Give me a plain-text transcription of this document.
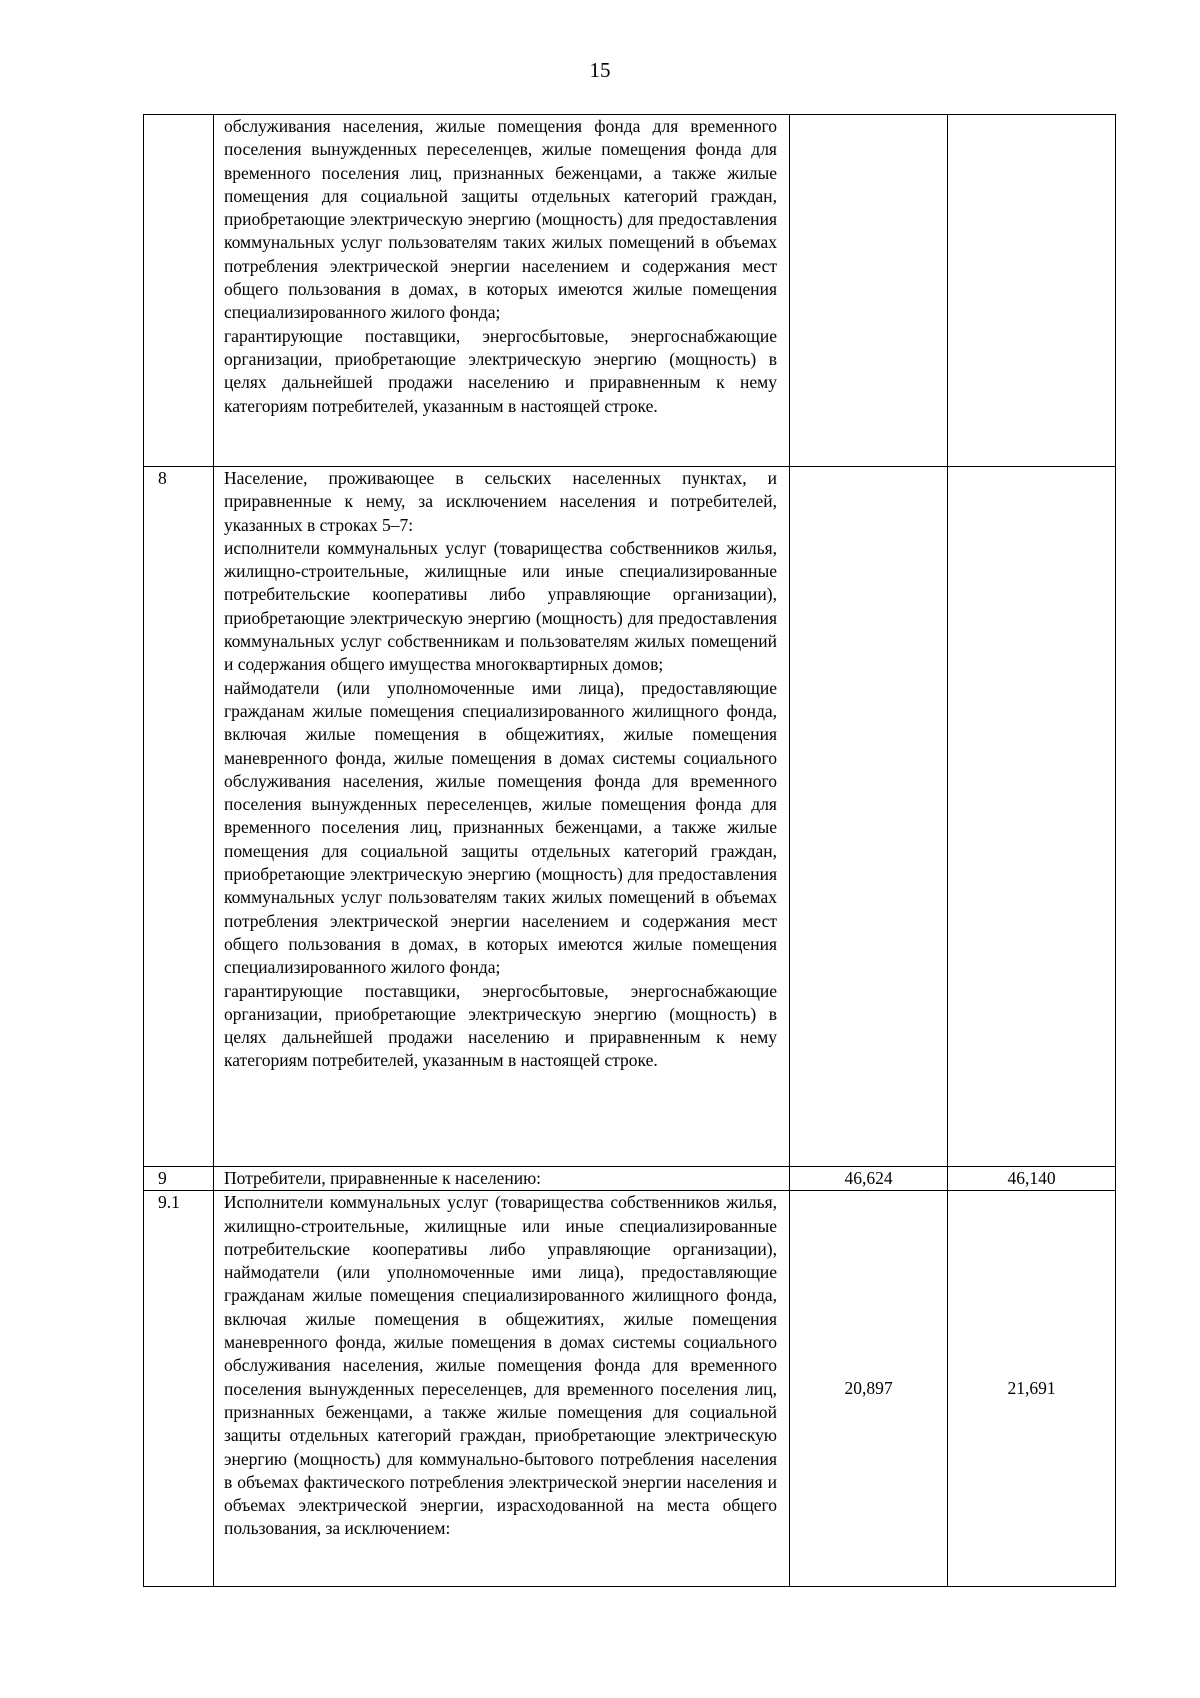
15

	обслуживания населения, жилые помещения фонда для временного поселения вынужденных переселенцев, жилые помещения фонда для временного поселения лиц, признанных беженцами, а также жилые помещения для социальной защиты отдельных категорий граждан, приобретающие электрическую энергию (мощность) для предоставления коммунальных услуг пользователям таких жилых помещений в объемах потребления электрической энергии населением и содержания мест общего пользования в домах, в которых имеются жилые помещения специализированного жилого фонда;
гарантирующие поставщики, энергосбытовые, энергоснабжающие организации, приобретающие электрическую энергию (мощность) в целях дальнейшей продажи населению и приравненным к нему категориям потребителей, указанным в настоящей строке.		

8	Население, проживающее в сельских населенных пунктах, и приравненные к нему, за исключением населения и потребителей, указанных в строках 5–7:
исполнители коммунальных услуг (товарищества собственников жилья, жилищно-строительные, жилищные или иные специализированные потребительские кооперативы либо управляющие организации), приобретающие электрическую энергию (мощность) для предоставления коммунальных услуг собственникам и пользователям жилых помещений и содержания общего имущества многоквартирных домов;
наймодатели (или уполномоченные ими лица), предоставляющие гражданам жилые помещения специализированного жилищного фонда, включая жилые помещения в общежитиях, жилые помещения маневренного фонда, жилые помещения в домах системы социального обслуживания населения, жилые помещения фонда для временного поселения вынужденных переселенцев, жилые помещения фонда для временного поселения лиц, признанных беженцами, а также жилые помещения для социальной защиты отдельных категорий граждан, приобретающие электрическую энергию (мощность) для предоставления коммунальных услуг пользователям таких жилых помещений в объемах потребления электрической энергии населением и содержания мест общего пользования в домах, в которых имеются жилые помещения специализированного жилого фонда;
гарантирующие поставщики, энергосбытовые, энергоснабжающие организации, приобретающие электрическую энергию (мощность) в целях дальнейшей продажи населению и приравненным к нему категориям потребителей, указанным в настоящей строке.		

9	Потребители, приравненные к населению:	46,624	46,140
9.1	Исполнители коммунальных услуг (товарищества собственников жилья, жилищно-строительные, жилищные или иные специализированные потребительские кооперативы либо управляющие организации), наймодатели (или уполномоченные ими лица), предоставляющие гражданам жилые помещения специализированного жилищного фонда, включая жилые помещения в общежитиях, жилые помещения маневренного фонда, жилые помещения в домах системы социального обслуживания населения, жилые помещения фонда для временного поселения вынужденных переселенцев, для временного поселения лиц, признанных беженцами, а также жилые помещения для социальной защиты отдельных категорий граждан, приобретающие электрическую энергию (мощность) для коммунально-бытового потребления населения в объемах фактического потребления электрической энергии населения и объемах электрической энергии, израсходованной на места общего пользования, за исключением:	20,897	21,691
